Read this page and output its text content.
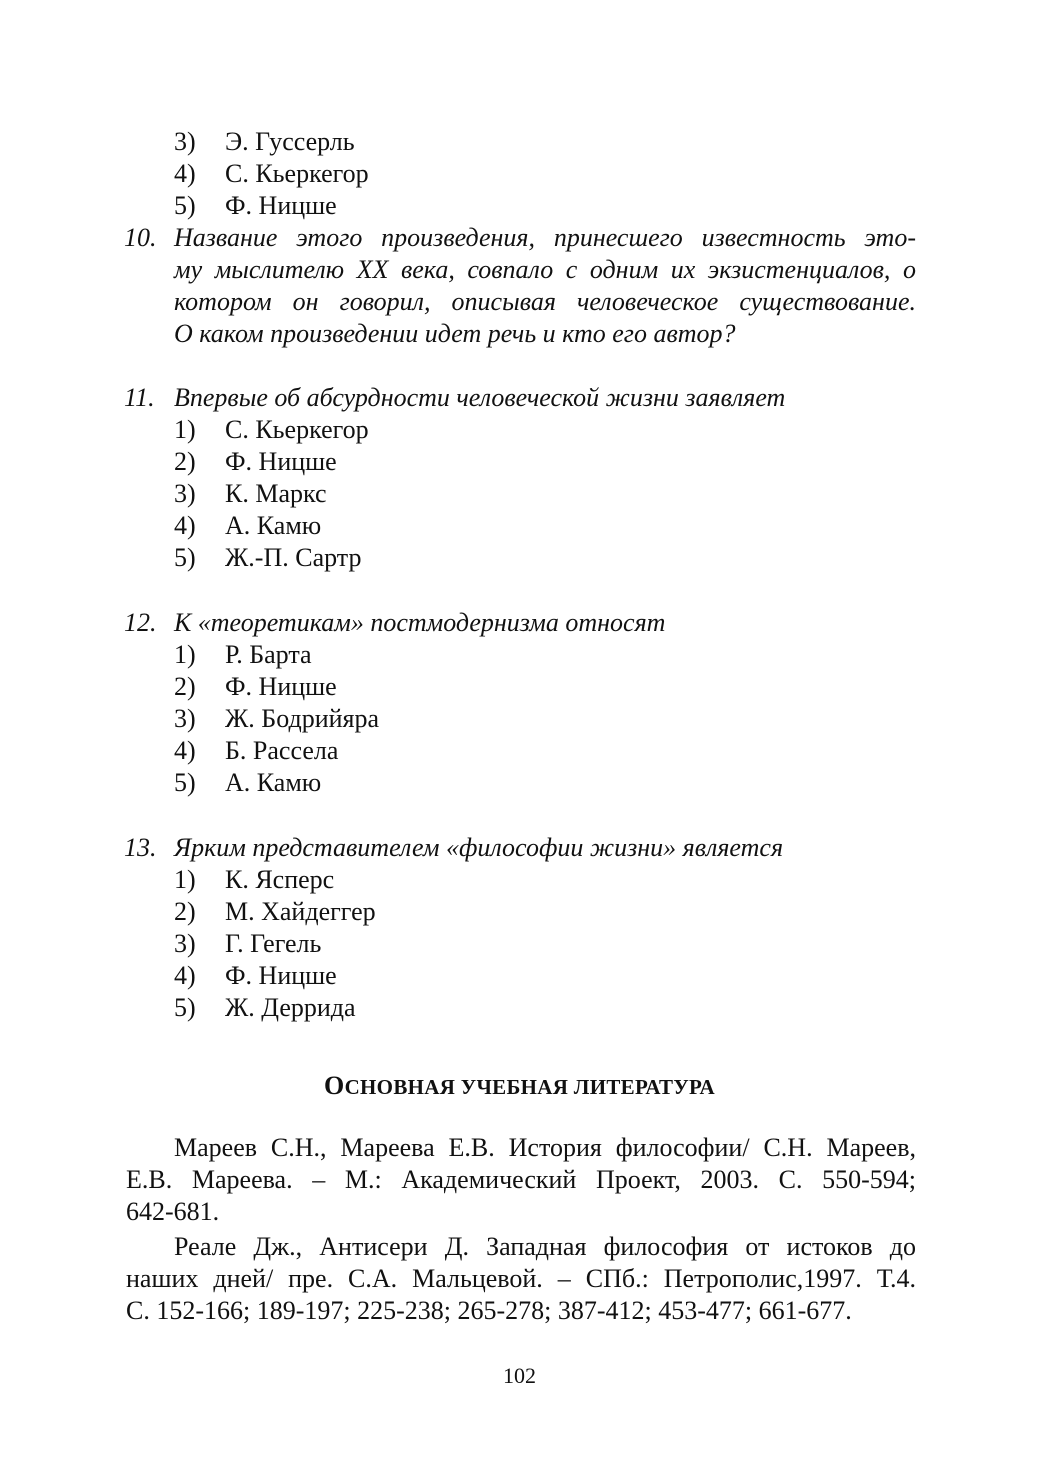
3) Э. Гуссерль
4) С. Кьеркегор
5) Ф. Ницше
10. Название этого произведения, принесшего известность это-
му мыслителю XX века, совпало с одним их экзистенциалов, о
котором он говорил, описывая человеческое существование.
О каком произведении идет речь и кто его автор?
11. Впервые об абсурдности человеческой жизни заявляет
1) С. Кьеркегор
2) Ф. Ницше
3) К. Маркс
4) А. Камю
5) Ж.-П. Сартр
12. К «теоретикам» постмодернизма относят
1) Р. Барта
2) Ф. Ницше
3) Ж. Бодрийяра
4) Б. Рассела
5) А. Камю
13. Ярким представителем «философии жизни» является
1) К. Ясперс
2) М. Хайдеггер
3) Г. Гегель
4) Ф. Ницше
5) Ж. Деррида
ОСНОВНАЯ УЧЕБНАЯ ЛИТЕРАТУРА
Мареев С.Н., Мареева Е.В. История философии/ С.Н. Мареев,
Е.В. Мареева. – М.: Академический Проект, 2003. С. 550-594;
642-681.
Реале Дж., Антисери Д. Западная философия от истоков до
наших дней/ пре. С.А. Мальцевой. – СПб.: Петрополис,1997. Т.4.
С. 152-166; 189-197; 225-238; 265-278; 387-412; 453-477; 661-677.
102
